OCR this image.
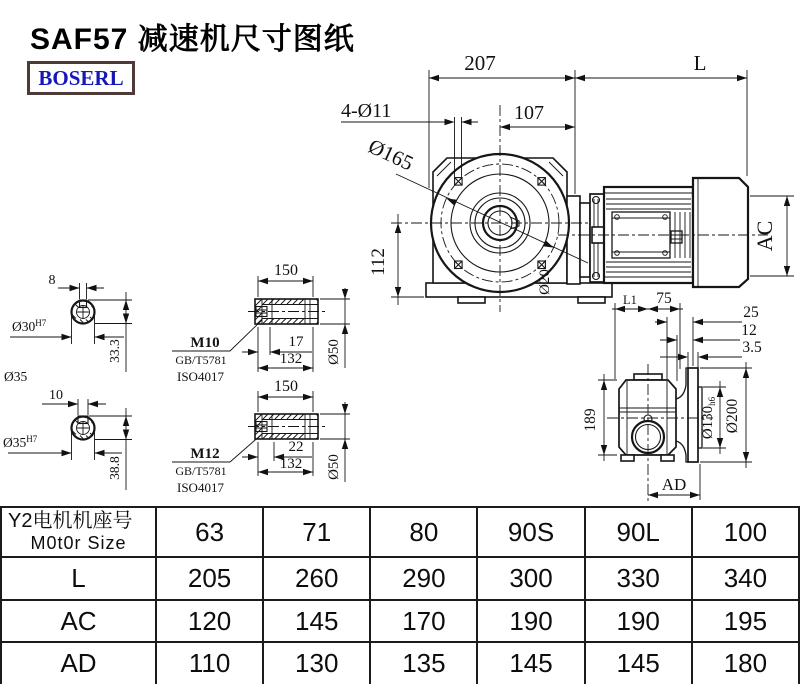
SAF57 减速机尺寸图纸
BOSERL
207	L
4-Ø11	107
Ø165
112
AC
Ø20
L1 75
25
12
3.5
189	$Ø130_{h6}$ Ø200
AD
8
$Ø30^{H7}$
33.3
Ø35
10
$Ø35^{H7}$
38.8
150
17
132 Ø50
M10
GB/T5781
ISO4017
150
22
132 Ø50
M12
GB/T5781
ISO4017
Y2电机机座号
M0t0r Size	63	71	80	90S	90L	100
L	205	260	290	300	330	340
AC	120	145	170	190	190	195
AD	110	130	135	145	145	180
